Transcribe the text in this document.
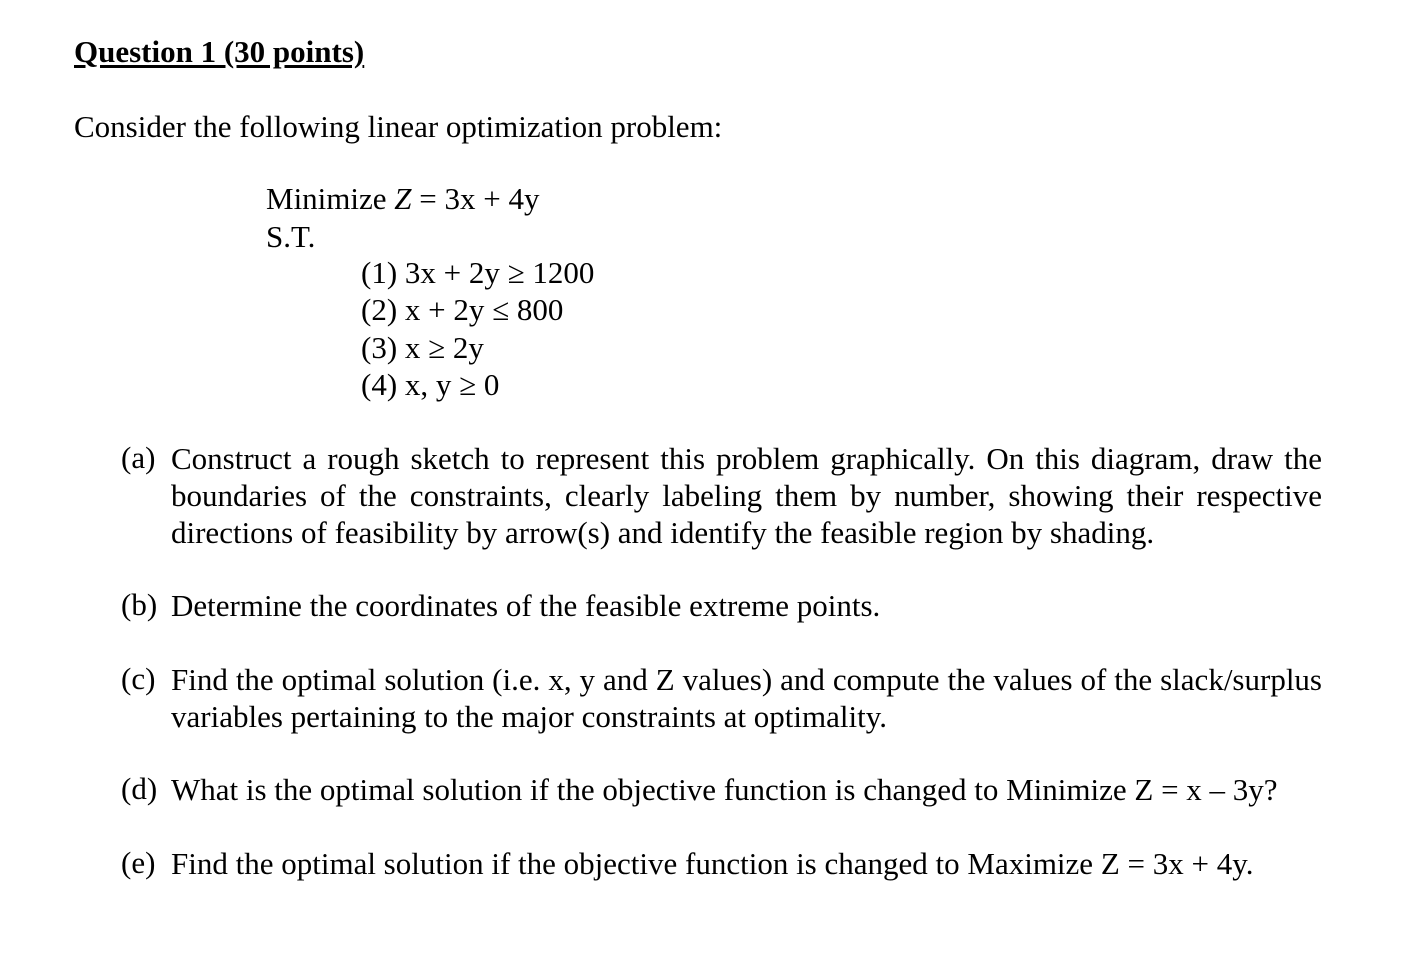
Question 1 (30 points)
Consider the following linear optimization problem:
Minimize Z = 3x + 4y
S.T.
(1) 3x + 2y ≥ 1200
(2) x + 2y ≤ 800
(3) x ≥ 2y
(4) x, y ≥ 0
(a) Construct a rough sketch to represent this problem graphically. On this diagram, draw the boundaries of the constraints, clearly labeling them by number, showing their respective directions of feasibility by arrow(s) and identify the feasible region by shading.
(b) Determine the coordinates of the feasible extreme points.
(c) Find the optimal solution (i.e. x, y and Z values) and compute the values of the slack/surplus variables pertaining to the major constraints at optimality.
(d) What is the optimal solution if the objective function is changed to Minimize Z = x – 3y?
(e) Find the optimal solution if the objective function is changed to Maximize Z = 3x + 4y.
